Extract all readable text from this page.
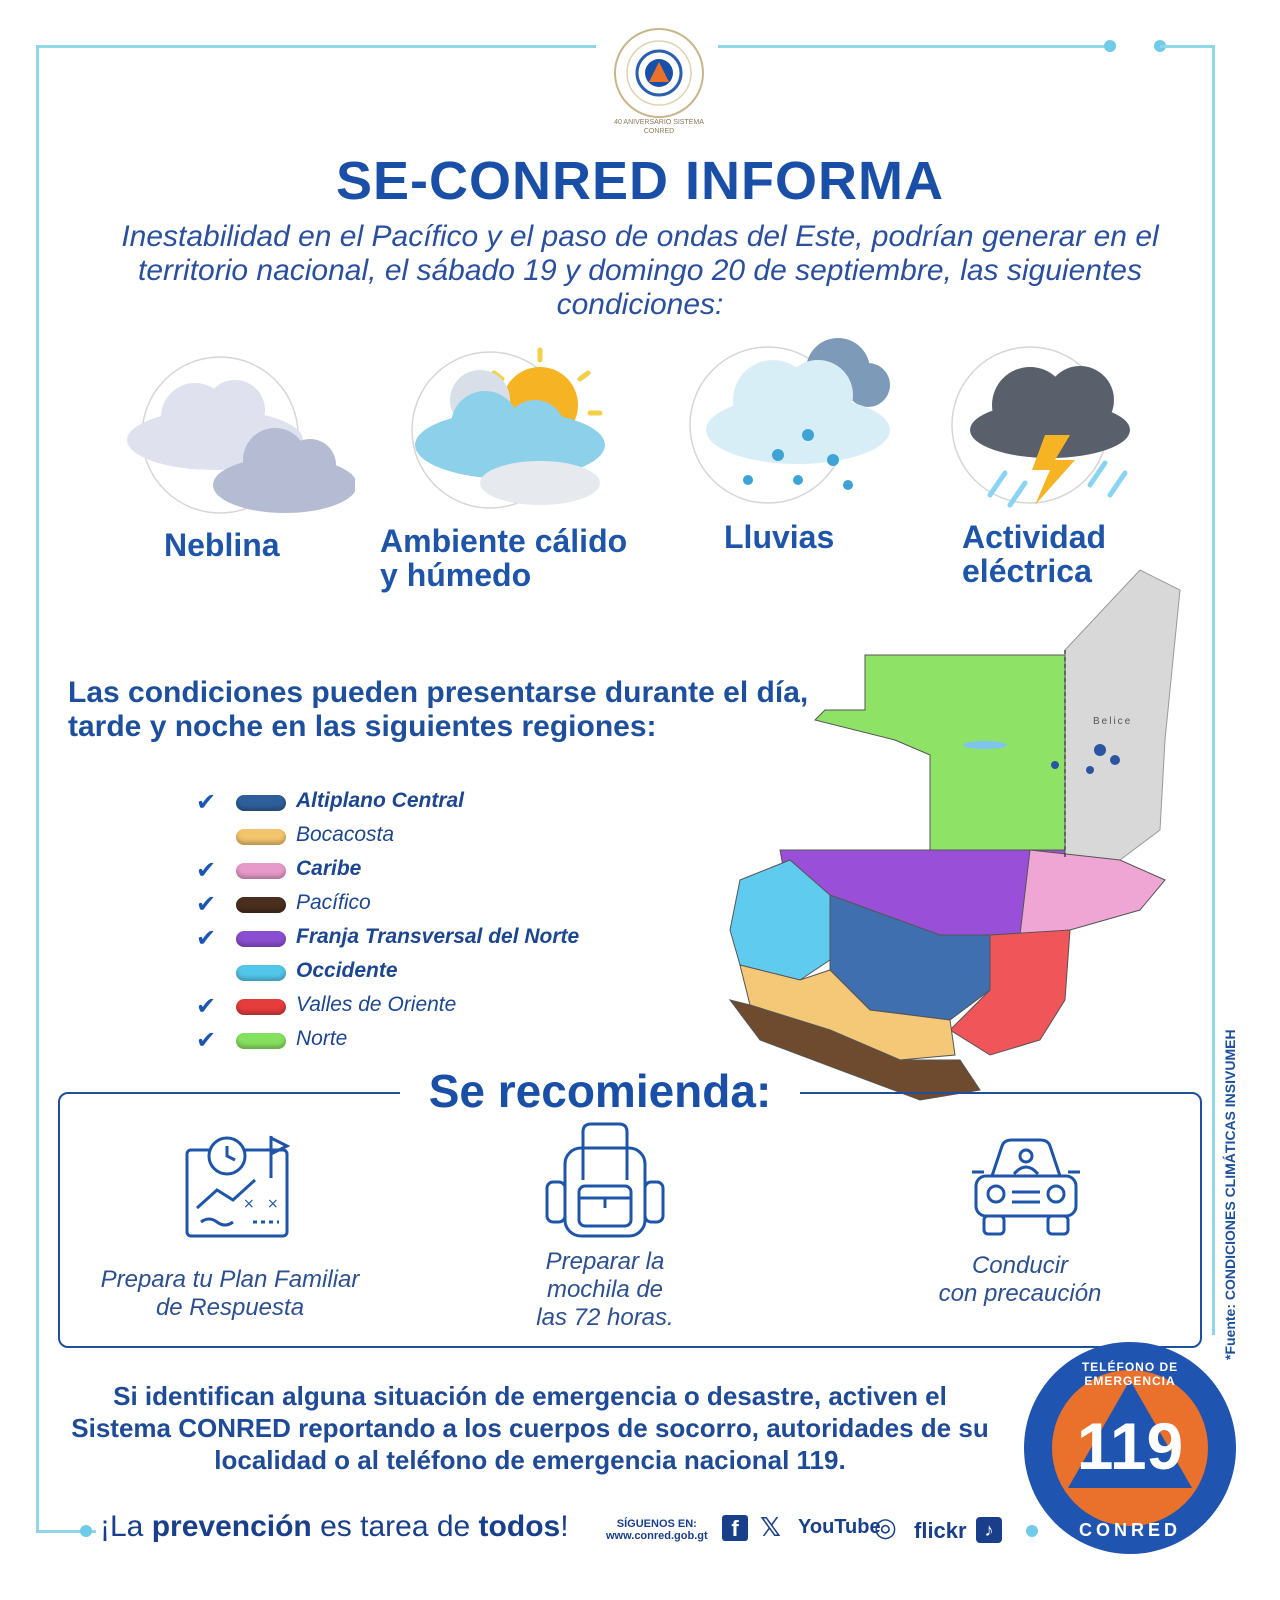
40 ANIVERSARIO SISTEMA CONRED
SE-CONRED INFORMA
Inestabilidad en el Pacífico y el paso de ondas del Este, podrían generar en el territorio nacional, el sábado 19 y domingo 20 de septiembre, las siguientes condiciones:
Neblina	Ambiente cálido
y húmedo
Lluvias	Actividad
eléctrica
Las condiciones pueden presentarse durante el día, tarde y noche en las siguientes regiones:
✔	Altiplano Central
Bocacosta
✔	Caribe
✔	Pacífico
✔	Franja Transversal del Norte
Occidente
✔	Valles de Oriente
✔	Norte
Belice
Se recomienda:
× ×
Prepara tu Plan Familiar
de Respuesta
Preparar la
mochila de
las 72 horas.
Conducir
con precaución
Si identifican alguna situación de emergencia o desastre, activen el Sistema CONRED reportando a los cuerpos de socorro, autoridades de su localidad o al teléfono de emergencia nacional 119.
*Fuente: CONDICIONES CLIMÁTICAS INSIVUMEH
119
TELÉFONO DE EMERGENCIA
CONRED
¡La prevención es tarea de todos!	SÍGUENOS EN:
www.conred.gob.gt	f 𝕏 YouTube
◎ flickr ♪
